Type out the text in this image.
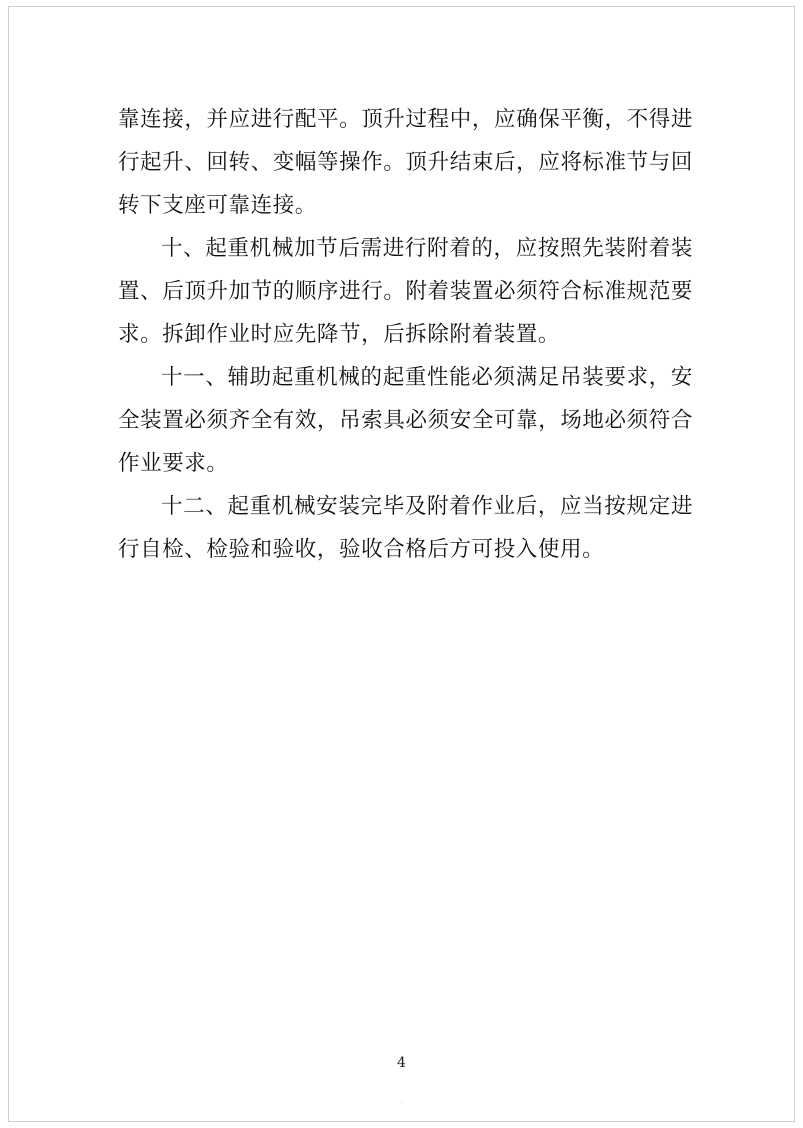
靠连接，并应进行配平。顶升过程中，应确保平衡，不得进行起升、回转、变幅等操作。顶升结束后，应将标准节与回转下支座可靠连接。

十、起重机械加节后需进行附着的，应按照先装附着装置、后顶升加节的顺序进行。附着装置必须符合标准规范要求。拆卸作业时应先降节，后拆除附着装置。

十一、辅助起重机械的起重性能必须满足吊装要求，安全装置必须齐全有效，吊索具必须安全可靠，场地必须符合作业要求。

十二、起重机械安装完毕及附着作业后，应当按规定进行自检、检验和验收，验收合格后方可投入使用。

4
·
